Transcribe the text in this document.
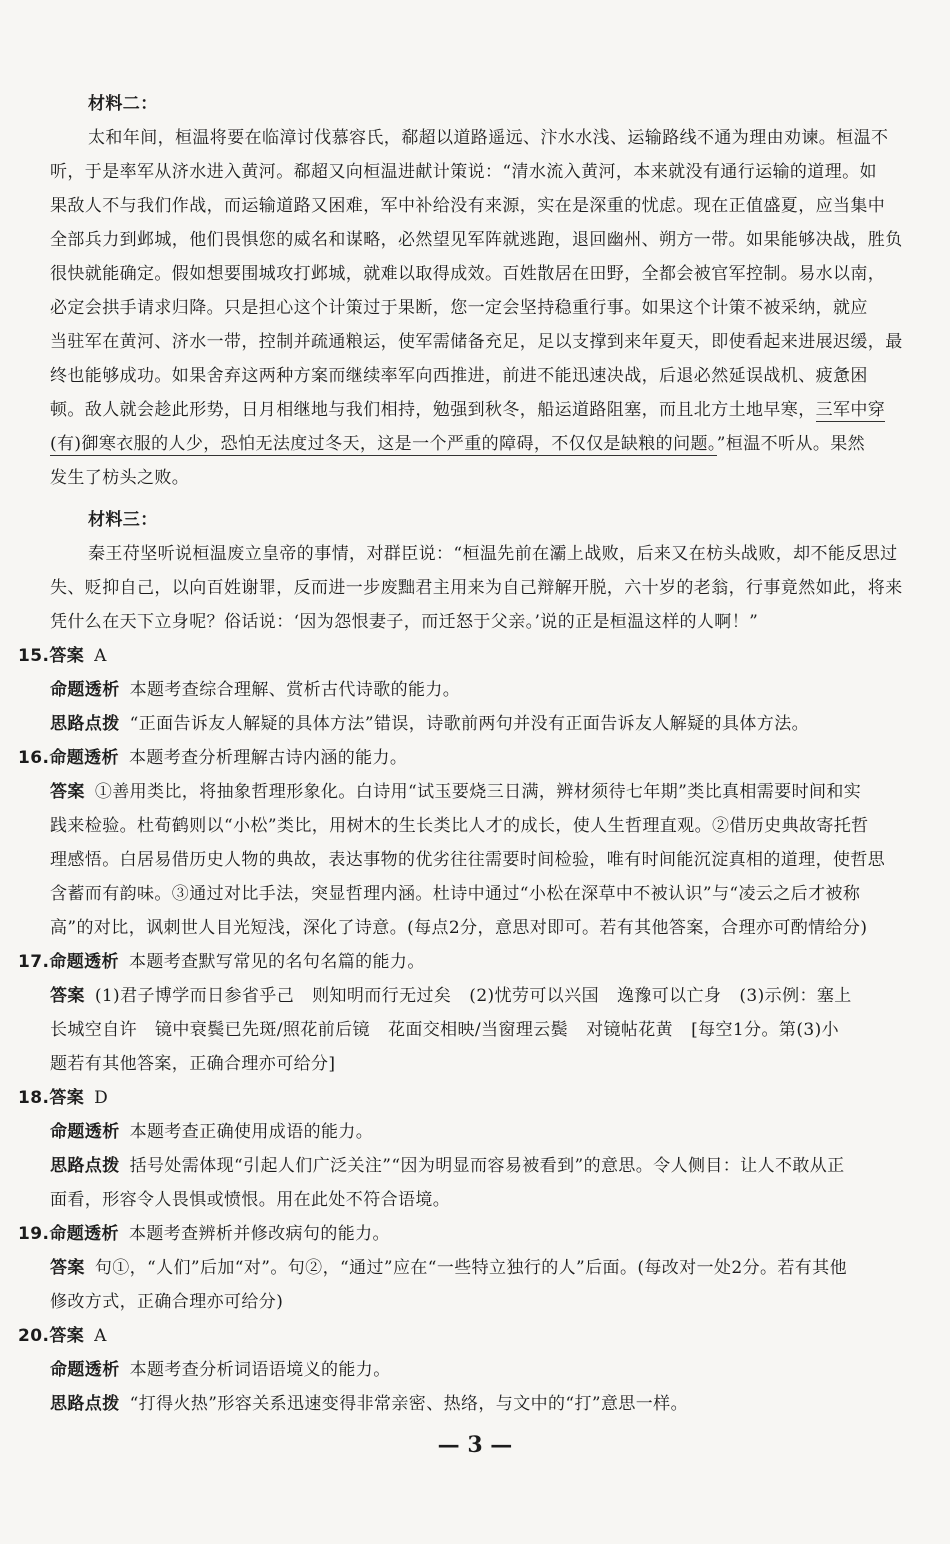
材料二：
太和年间，桓温将要在临漳讨伐慕容氏，郗超以道路遥远、汴水水浅、运输路线不通为理由劝谏。桓温不
听，于是率军从济水进入黄河。郗超又向桓温进献计策说：“清水流入黄河，本来就没有通行运输的道理。如
果敌人不与我们作战，而运输道路又困难，军中补给没有来源，实在是深重的忧虑。现在正值盛夏，应当集中
全部兵力到邺城，他们畏惧您的威名和谋略，必然望见军阵就逃跑，退回幽州、朔方一带。如果能够决战，胜负
很快就能确定。假如想要围城攻打邺城，就难以取得成效。百姓散居在田野，全都会被官军控制。易水以南，
必定会拱手请求归降。只是担心这个计策过于果断，您一定会坚持稳重行事。如果这个计策不被采纳，就应
当驻军在黄河、济水一带，控制并疏通粮运，使军需储备充足，足以支撑到来年夏天，即使看起来进展迟缓，最
终也能够成功。如果舍弃这两种方案而继续率军向西推进，前进不能迅速决战，后退必然延误战机、疲惫困
顿。敌人就会趁此形势，日月相继地与我们相持，勉强到秋冬，船运道路阻塞，而且北方土地早寒，三军中穿
(有)御寒衣服的人少，恐怕无法度过冬天，这是一个严重的障碍，不仅仅是缺粮的问题。”桓温不听从。果然
发生了枋头之败。
材料三：
秦王苻坚听说桓温废立皇帝的事情，对群臣说：“桓温先前在灞上战败，后来又在枋头战败，却不能反思过
失、贬抑自己，以向百姓谢罪，反而进一步废黜君主用来为自己辩解开脱，六十岁的老翁，行事竟然如此，将来
凭什么在天下立身呢？俗话说：‘因为怨恨妻子，而迁怒于父亲。’说的正是桓温这样的人啊！”
15.答案 A
命题透析 本题考查综合理解、赏析古代诗歌的能力。
思路点拨 “正面告诉友人解疑的具体方法”错误，诗歌前两句并没有正面告诉友人解疑的具体方法。
16.命题透析 本题考查分析理解古诗内涵的能力。
答案 ①善用类比，将抽象哲理形象化。白诗用“试玉要烧三日满，辨材须待七年期”类比真相需要时间和实
践来检验。杜荀鹤则以“小松”类比，用树木的生长类比人才的成长，使人生哲理直观。②借历史典故寄托哲
理感悟。白居易借历史人物的典故，表达事物的优劣往往需要时间检验，唯有时间能沉淀真相的道理，使哲思
含蓄而有韵味。③通过对比手法，突显哲理内涵。杜诗中通过“小松在深草中不被认识”与“凌云之后才被称
高”的对比，讽刺世人目光短浅，深化了诗意。(每点2分，意思对即可。若有其他答案，合理亦可酌情给分)
17.命题透析 本题考查默写常见的名句名篇的能力。
答案 (1)君子博学而日参省乎己 则知明而行无过矣 (2)忧劳可以兴国 逸豫可以亡身 (3)示例：塞上
长城空自许 镜中衰鬓已先斑/照花前后镜 花面交相映/当窗理云鬓 对镜帖花黄 [每空1分。第(3)小
题若有其他答案，正确合理亦可给分]
18.答案 D
命题透析 本题考查正确使用成语的能力。
思路点拨 括号处需体现“引起人们广泛关注”“因为明显而容易被看到”的意思。令人侧目：让人不敢从正
面看，形容令人畏惧或愤恨。用在此处不符合语境。
19.命题透析 本题考查辨析并修改病句的能力。
答案 句①，“人们”后加“对”。句②，“通过”应在“一些特立独行的人”后面。(每改对一处2分。若有其他
修改方式，正确合理亦可给分)
20.答案 A
命题透析 本题考查分析词语语境义的能力。
思路点拨 “打得火热”形容关系迅速变得非常亲密、热络，与文中的“打”意思一样。
— 3 —
